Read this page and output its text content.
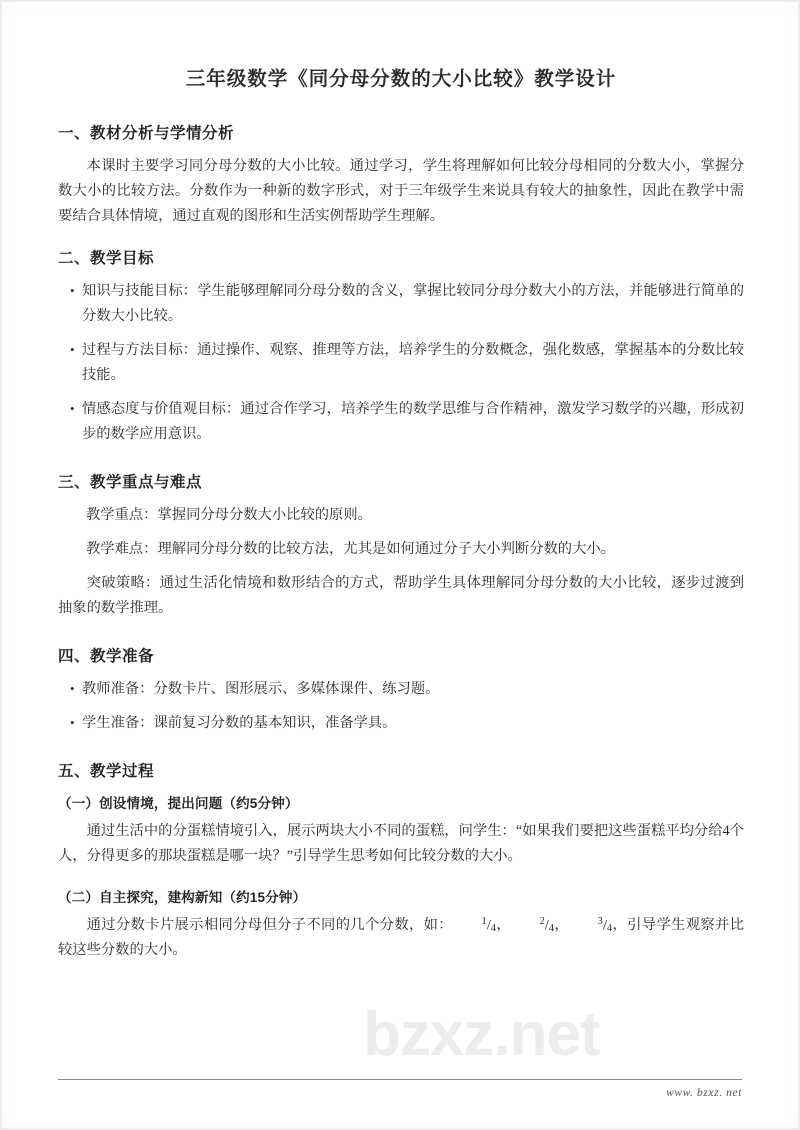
bzxz.net
三年级数学《同分母分数的大小比较》教学设计
一、教材分析与学情分析

本课时主要学习同分母分数的大小比较。通过学习，学生将理解如何比较分母相同的分数大小，掌握分数大小的比较方法。分数作为一种新的数字形式，对于三年级学生来说具有较大的抽象性，因此在教学中需要结合具体情境，通过直观的图形和生活实例帮助学生理解。

二、教学目标
• 知识与技能目标：学生能够理解同分母分数的含义，掌握比较同分母分数大小的方法，并能够进行简单的分数大小比较。
• 过程与方法目标：通过操作、观察、推理等方法，培养学生的分数概念，强化数感，掌握基本的分数比较技能。
• 情感态度与价值观目标：通过合作学习，培养学生的数学思维与合作精神，激发学习数学的兴趣，形成初步的数学应用意识。
三、教学重点与难点

教学重点：掌握同分母分数大小比较的原则。

教学难点：理解同分母分数的比较方法，尤其是如何通过分子大小判断分数的大小。

突破策略：通过生活化情境和数形结合的方式，帮助学生具体理解同分母分数的大小比较，逐步过渡到抽象的数学推理。

四、教学准备
• 教师准备：分数卡片、图形展示、多媒体课件、练习题。
• 学生准备：课前复习分数的基本知识，准备学具。
五、教学过程
（一）创设情境，提出问题（约5分钟）

通过生活中的分蛋糕情境引入，展示两块大小不同的蛋糕，问学生：“如果我们要把这些蛋糕平均分给4个人，分得更多的那块蛋糕是哪一块？”引导学生思考如何比较分数的大小。

（二）自主探究，建构新知（约15分钟）

通过分数卡片展示相同分母但分子不同的几个分数，如：	$^1$/4，	$^2$/4，	$^3$/4，引导学生观察并比较这些分数的大小。

www. bzxz. net
